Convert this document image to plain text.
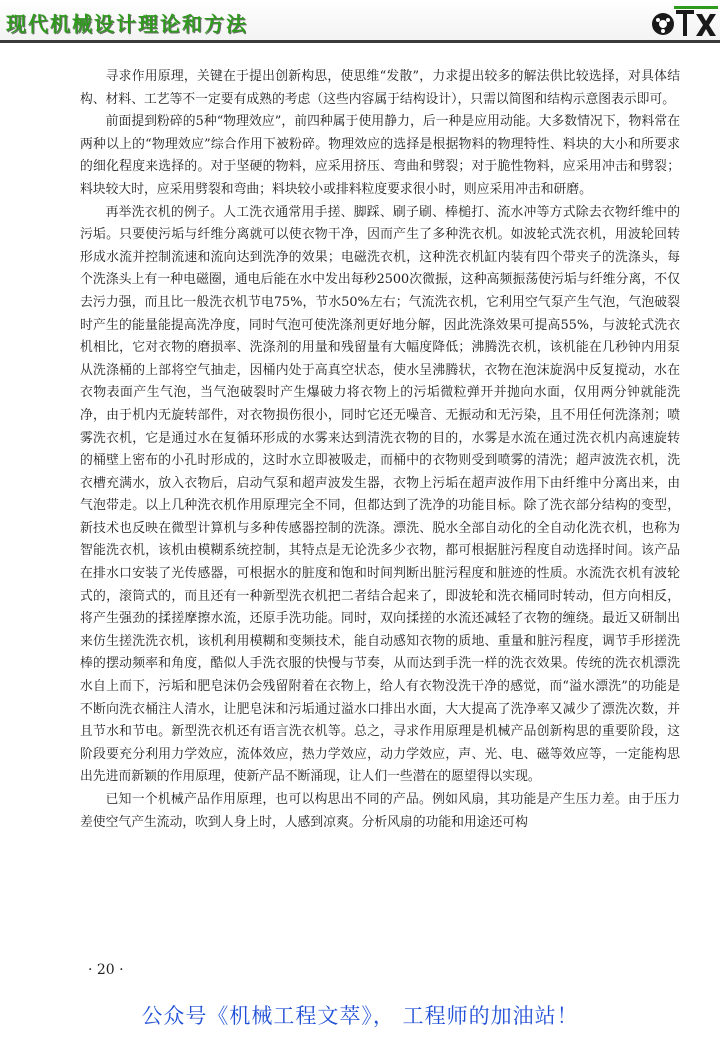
现代机械设计理论和方法

寻求作用原理，关键在于提出创新构思，使思维“发散”，力求提出较多的解法供比较选择，对具体结构、材料、工艺等不一定要有成熟的考虑（这些内容属于结构设计），只需以简图和结构示意图表示即可。

前面提到粉碎的5种“物理效应”，前四种属于使用静力，后一种是应用动能。大多数情况下，物料常在两种以上的“物理效应”综合作用下被粉碎。物理效应的选择是根据物料的物理特性、料块的大小和所要求的细化程度来选择的。对于坚硬的物料，应采用挤压、弯曲和劈裂；对于脆性物料，应采用冲击和劈裂；料块较大时，应采用劈裂和弯曲；料块较小或排料粒度要求很小时，则应采用冲击和研磨。

再举洗衣机的例子。人工洗衣通常用手搓、脚踩、刷子刷、棒槌打、流水冲等方式除去衣物纤维中的污垢。只要使污垢与纤维分离就可以使衣物干净，因而产生了多种洗衣机。如波轮式洗衣机，用波轮回转形成水流并控制流速和流向达到洗净的效果；电磁洗衣机，这种洗衣机缸内装有四个带夹子的洗涤头，每个洗涤头上有一种电磁圈，通电后能在水中发出每秒2500次微振，这种高频振荡使污垢与纤维分离，不仅去污力强，而且比一般洗衣机节电75%，节水50%左右；气流洗衣机，它利用空气泵产生气泡，气泡破裂时产生的能量能提高洗净度，同时气泡可使洗涤剂更好地分解，因此洗涤效果可提高55%，与波轮式洗衣机相比，它对衣物的磨损率、洗涤剂的用量和残留量有大幅度降低；沸腾洗衣机，该机能在几秒钟内用泵从洗涤桶的上部将空气抽走，因桶内处于高真空状态，使水呈沸腾状，衣物在泡沫旋涡中反复搅动，水在衣物表面产生气泡，当气泡破裂时产生爆破力将衣物上的污垢微粒弹开并抛向水面，仅用两分钟就能洗净，由于机内无旋转部件，对衣物损伤很小，同时它还无噪音、无振动和无污染，且不用任何洗涤剂；喷雾洗衣机，它是通过水在复循环形成的水雾来达到清洗衣物的目的，水雾是水流在通过洗衣机内高速旋转的桶壁上密布的小孔时形成的，这时水立即被吸走，而桶中的衣物则受到喷雾的清洗；超声波洗衣机，洗衣槽充满水，放入衣物后，启动气泵和超声波发生器，衣物上污垢在超声波作用下由纤维中分离出来，由气泡带走。以上几种洗衣机作用原理完全不同，但都达到了洗净的功能目标。除了洗衣部分结构的变型，新技术也反映在微型计算机与多种传感器控制的洗涤。漂洗、脱水全部自动化的全自动化洗衣机，也称为智能洗衣机，该机由模糊系统控制，其特点是无论洗多少衣物，都可根据脏污程度自动选择时间。该产品在排水口安装了光传感器，可根据水的脏度和饱和时间判断出脏污程度和脏迹的性质。水流洗衣机有波轮式的，滚筒式的，而且还有一种新型洗衣机把二者结合起来了，即波轮和洗衣桶同时转动，但方向相反，将产生强劲的揉搓摩擦水流，还原手洗功能。同时，双向揉搓的水流还减轻了衣物的缠绕。最近又研制出来仿生搓洗洗衣机，该机利用模糊和变频技术，能自动感知衣物的质地、重量和脏污程度，调节手形搓洗棒的摆动频率和角度，酷似人手洗衣服的快慢与节奏，从而达到手洗一样的洗衣效果。传统的洗衣机漂洗水自上而下，污垢和肥皂沫仍会残留附着在衣物上，给人有衣物没洗干净的感觉，而“溢水漂洗”的功能是不断向洗衣桶注人清水，让肥皂沫和污垢通过溢水口排出水面，大大提高了洗净率又减少了漂洗次数，并且节水和节电。新型洗衣机还有语言洗衣机等。总之，寻求作用原理是机械产品创新构思的重要阶段，这阶段要充分利用力学效应，流体效应，热力学效应，动力学效应，声、光、电、磁等效应等，一定能构思出先进而新颖的作用原理，使新产品不断涌现，让人们一些潜在的愿望得以实现。

已知一个机械产品作用原理，也可以构思出不同的产品。例如风扇，其功能是产生压力差。由于压力差使空气产生流动，吹到人身上时，人感到凉爽。分析风扇的功能和用途还可构

· 20 ·
公众号《机械工程文萃》， 工程师的加油站！
